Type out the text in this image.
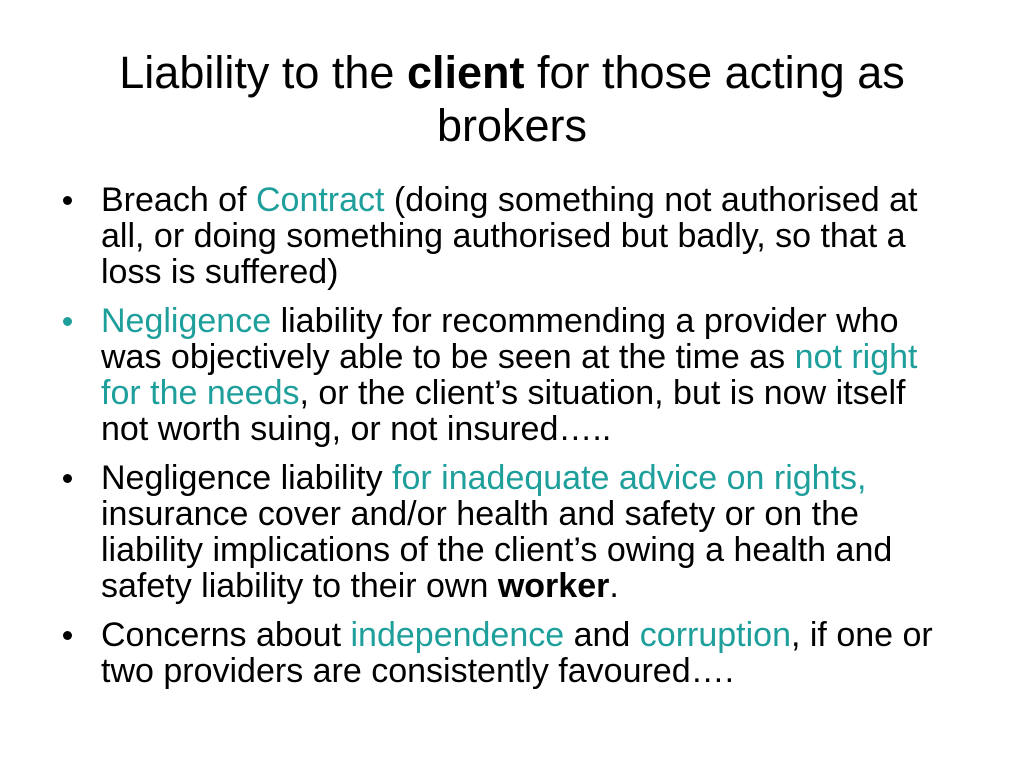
Liability to the client for those acting as brokers
Breach of Contract (doing something not authorised at all, or doing something authorised but badly, so that a loss is suffered)
Negligence liability for recommending a provider who was objectively able to be seen at the time as not right for the needs, or the client’s situation, but is now itself not worth suing, or not insured…..
Negligence liability for inadequate advice on rights, insurance cover and/or health and safety or on the liability implications of the client’s owing a health and safety liability to their own worker.
Concerns about independence and corruption, if one or two providers are consistently favoured….
